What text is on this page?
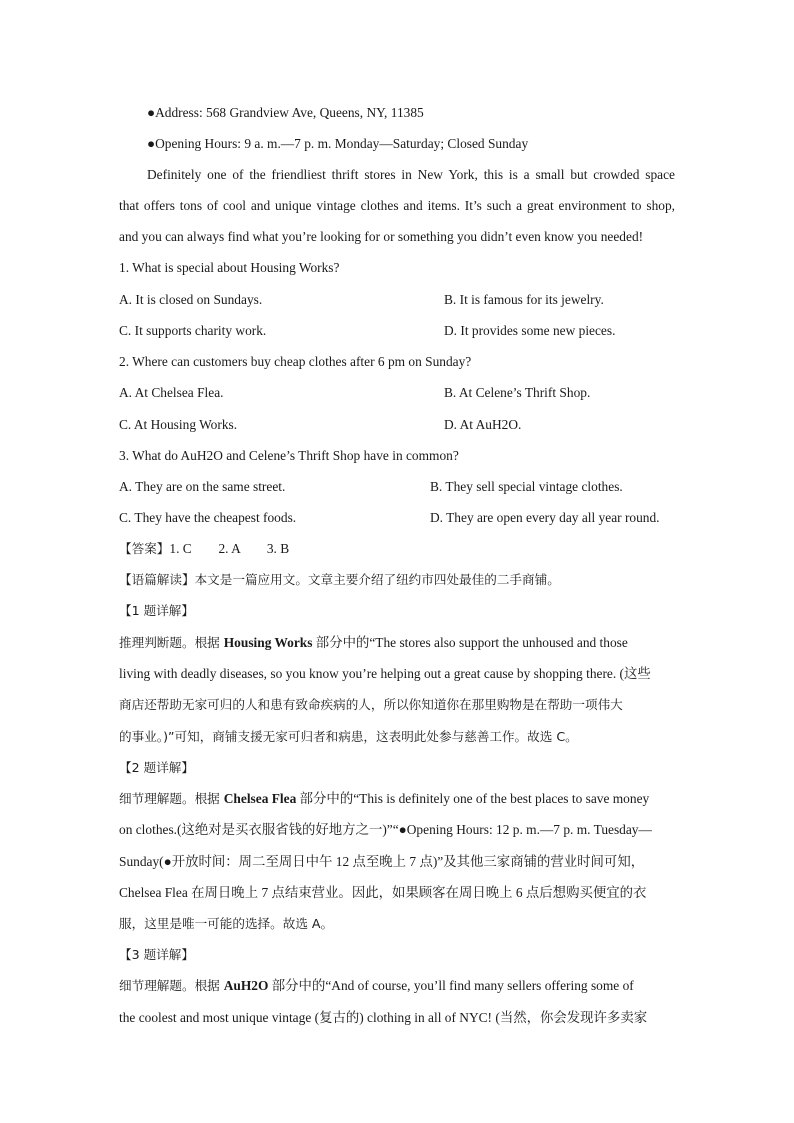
●Address: 568 Grandview Ave, Queens, NY, 11385
●Opening Hours: 9 a. m.—7 p. m. Monday—Saturday; Closed Sunday
Definitely one of the friendliest thrift stores in New York, this is a small but crowded space
that offers tons of cool and unique vintage clothes and items. It’s such a great environment to shop,
and you can always find what you’re looking for or something you didn’t even know you needed!
1. What is special about Housing Works?
A. It is closed on Sundays.	B. It is famous for its jewelry.
C. It supports charity work.	D. It provides some new pieces.
2. Where can customers buy cheap clothes after 6 pm on Sunday?
A. At Chelsea Flea.	B. At Celene’s Thrift Shop.
C. At Housing Works.	D. At AuH2O.
3. What do AuH2O and Celene’s Thrift Shop have in common?
A. They are on the same street.	B. They sell special vintage clothes.
C. They have the cheapest foods.	D. They are open every day all year round.
【答案】1. C        2. A        3. B
【语篇解读】本文是一篇应用文。文章主要介绍了纽约市四处最佳的二手商铺。
【1 题详解】
推理判断题。根据 Housing Works 部分中的“The stores also support the unhoused and those
living with deadly diseases, so you know you’re helping out a great cause by shopping there. (这些
商店还帮助无家可归的人和患有致命疾病的人，所以你知道你在那里购物是在帮助一项伟大
的事业。)”可知，商铺支援无家可归者和病患，这表明此处参与慈善工作。故选 C。
【2 题详解】
细节理解题。根据 Chelsea Flea 部分中的“This is definitely one of the best places to save money
on clothes.(这绝对是买衣服省钱的好地方之一)”“●Opening Hours: 12 p. m.—7 p. m. Tuesday—
Sunday(●开放时间：周二至周日中午 12 点至晚上 7 点)”及其他三家商铺的营业时间可知，
Chelsea Flea 在周日晚上 7 点结束营业。因此，如果顾客在周日晚上 6 点后想购买便宜的衣
服，这里是唯一可能的选择。故选 A。
【3 题详解】
细节理解题。根据 AuH2O 部分中的“And of course, you’ll find many sellers offering some of
the coolest and most unique vintage (复古的) clothing in all of NYC! (当然，你会发现许多卖家
